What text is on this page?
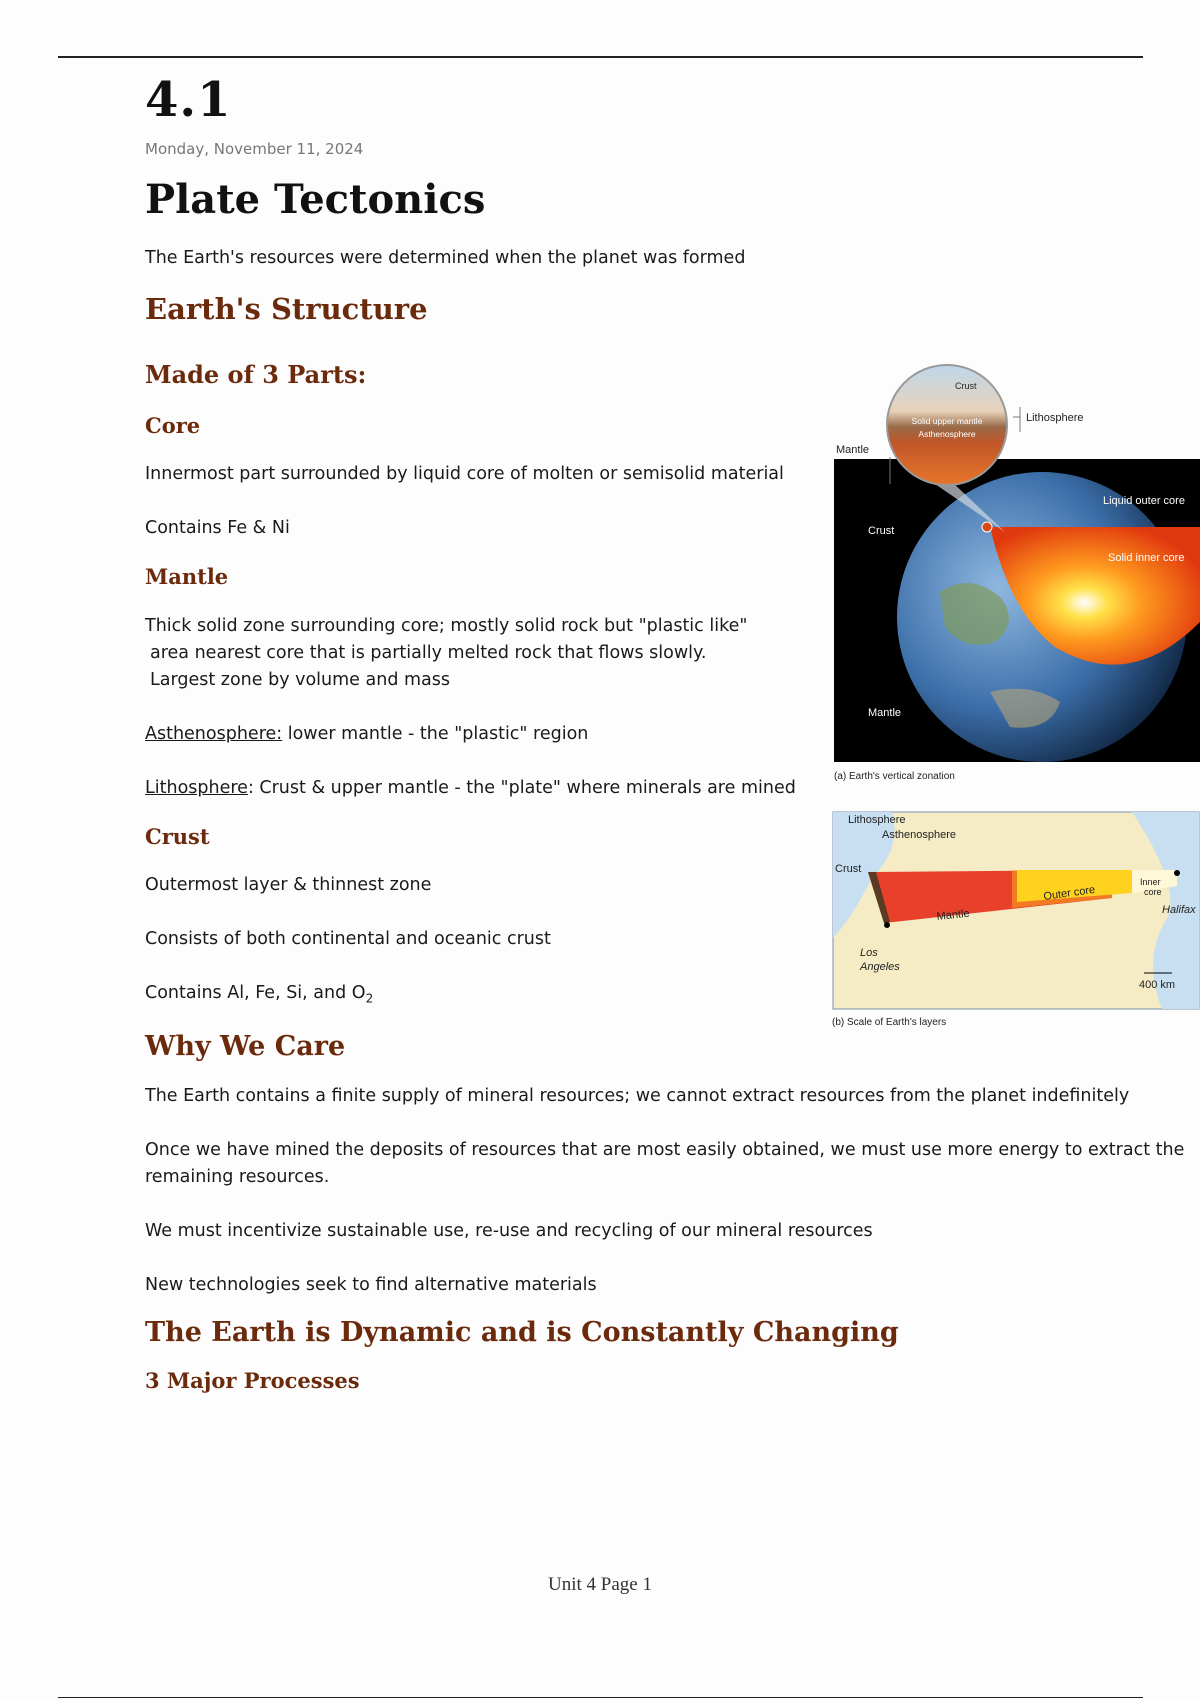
4.1

Monday, November 11, 2024

Plate Tectonics

The Earth's resources were determined when the planet was formed

Earth's Structure
Made of 3 Parts:
Core

Innermost part surrounded by liquid core of molten or semisolid material

Contains Fe & Ni

Mantle

Thick solid zone surrounding core; mostly solid rock but "plastic like"

area nearest core that is partially melted rock that flows slowly.

Largest zone by volume and mass

Asthenosphere: lower mantle - the "plastic" region

Lithosphere: Crust & upper mantle - the "plate" where minerals are mined

Crust

Outermost layer & thinnest zone

Consists of both continental and oceanic crust

Contains Al, Fe, Si, and $O_2$

Why We Care

The Earth contains a finite supply of mineral resources; we cannot extract resources from the planet indefinitely

Once we have mined the deposits of resources that are most easily obtained, we must use more energy to extract the remaining resources.

We must incentivize sustainable use, re-use and recycling of our mineral resources

New technologies seek to find alternative materials

The Earth is Dynamic and is Constantly Changing
3 Major Processes
Crust
Solid upper mantle
Asthenosphere
Lithosphere
Mantle
Liquid outer core
Crust
Solid inner core
Mantle
(a) Earth's vertical zonation
Lithosphere
Asthenosphere
Crust
Outer core
Inner
core
Mantle	Halifax
Los
Angeles
400 km
(b) Scale of Earth's layers
Unit 4 Page 1
